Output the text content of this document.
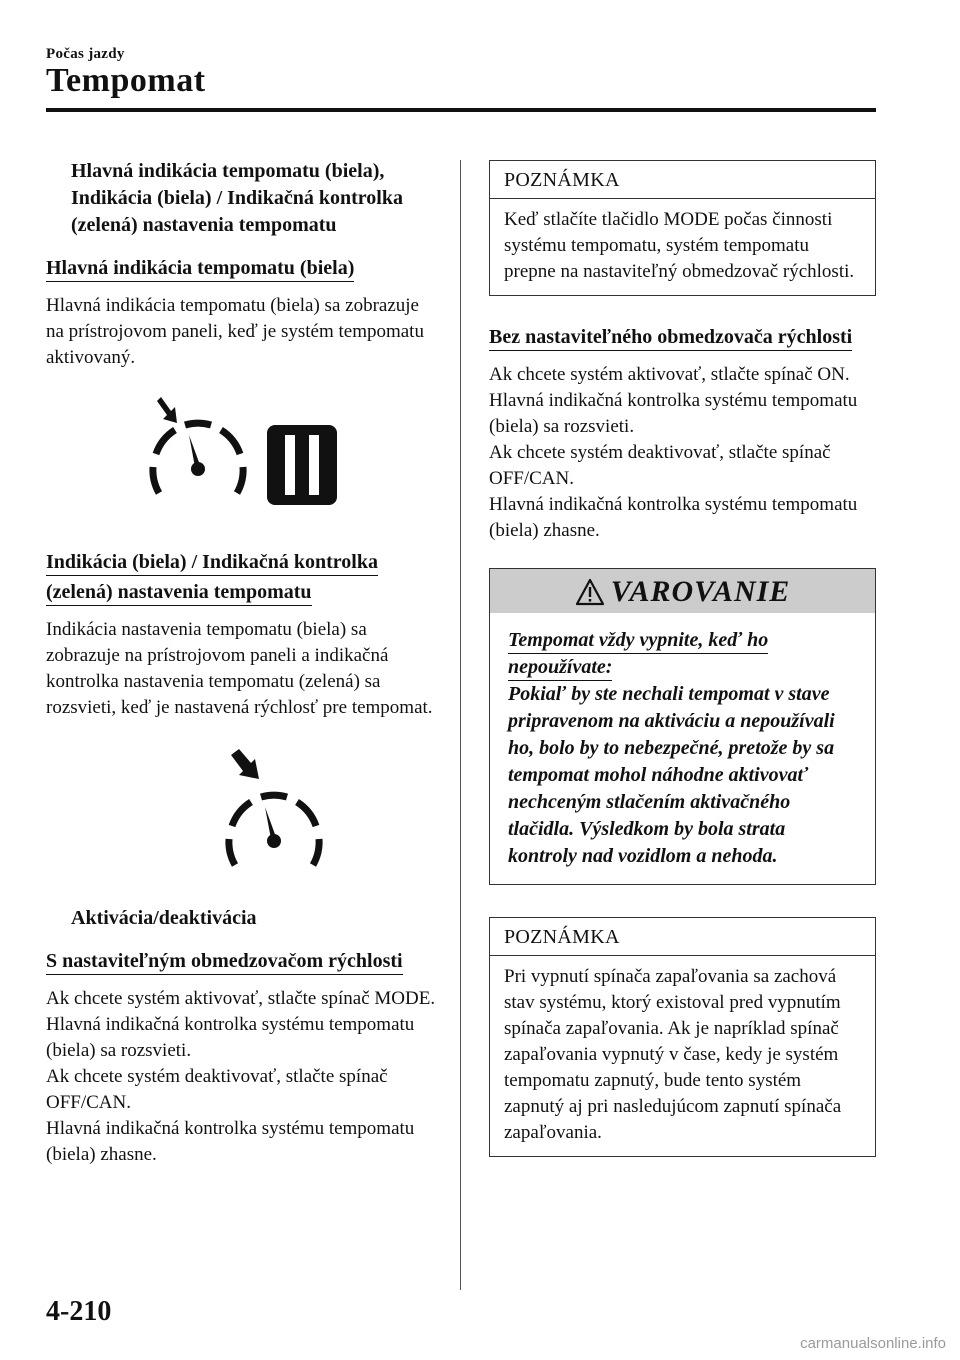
Počas jazdy
Tempomat
Hlavná indikácia tempomatu (biela), Indikácia (biela) / Indikačná kontrolka (zelená) nastavenia tempomatu
Hlavná indikácia tempomatu (biela)

Hlavná indikácia tempomatu (biela) sa zobrazuje na prístrojovom paneli, keď je systém tempomatu aktivovaný.

Indikácia (biela) / Indikačná kontrolka (zelená) nastavenia tempomatu

Indikácia nastavenia tempomatu (biela) sa zobrazuje na prístrojovom paneli a indikačná kontrolka nastavenia tempomatu (zelená) sa rozsvieti, keď je nastavená rýchlosť pre tempomat.

Aktivácia/deaktivácia
S nastaviteľným obmedzovačom rýchlosti

Ak chcete systém aktivovať, stlačte spínač MODE. Hlavná indikačná kontrolka systému tempomatu (biela) sa rozsvieti.

Ak chcete systém deaktivovať, stlačte spínač OFF/CAN.

Hlavná indikačná kontrolka systému tempomatu (biela) zhasne.

POZNÁMKA
Keď stlačíte tlačidlo MODE počas činnosti systému tempomatu, systém tempomatu prepne na nastaviteľný obmedzovač rýchlosti.
Bez nastaviteľného obmedzovača rýchlosti

Ak chcete systém aktivovať, stlačte spínač ON. Hlavná indikačná kontrolka systému tempomatu (biela) sa rozsvieti.

Ak chcete systém deaktivovať, stlačte spínač OFF/CAN.

Hlavná indikačná kontrolka systému tempomatu (biela) zhasne.

VAROVANIE
Tempomat vždy vypnite, keď ho nepoužívate:
Pokiaľ by ste nechali tempomat v stave pripravenom na aktiváciu a nepoužívali ho, bolo by to nebezpečné, pretože by sa tempomat mohol náhodne aktivovať nechceným stlačením aktivačného tlačidla. Výsledkom by bola strata kontroly nad vozidlom a nehoda.
POZNÁMKA
Pri vypnutí spínača zapaľovania sa zachová stav systému, ktorý existoval pred vypnutím spínača zapaľovania. Ak je napríklad spínač zapaľovania vypnutý v čase, kedy je systém tempomatu zapnutý, bude tento systém zapnutý aj pri nasledujúcom zapnutí spínača zapaľovania.
4-210
carmanualsonline.info
